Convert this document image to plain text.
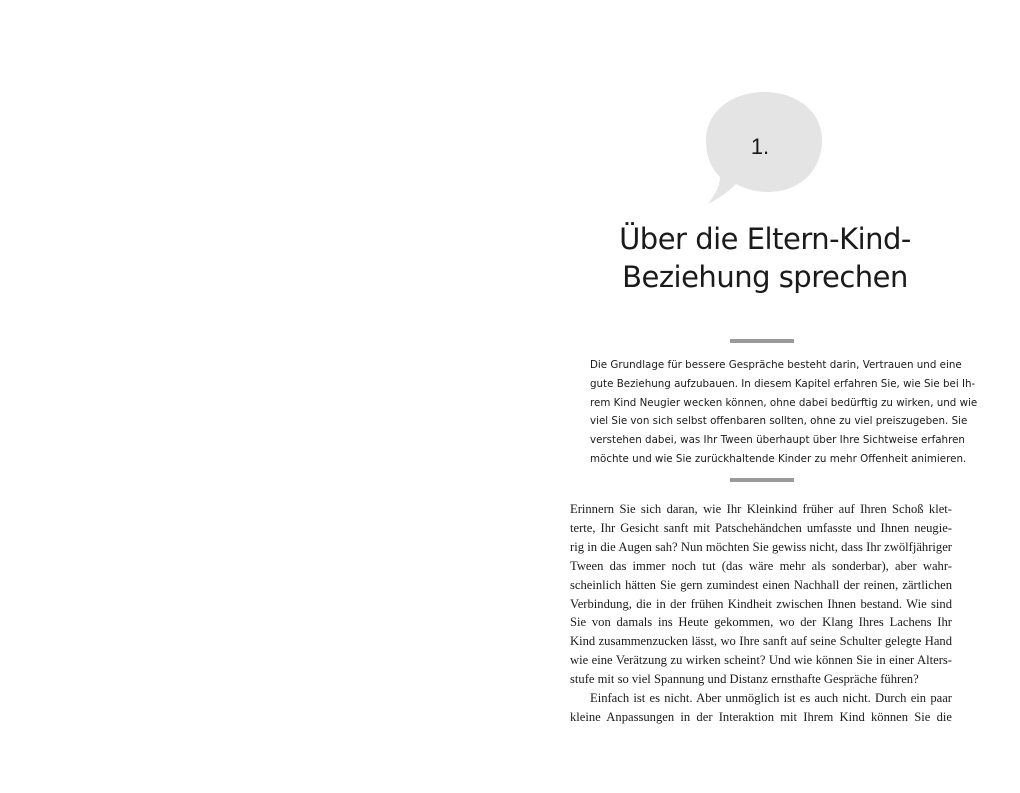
1.
Über die Eltern-Kind-
Beziehung sprechen

Die Grundlage für bessere Gespräche besteht darin, Vertrauen und eine
gute Beziehung aufzubauen. In diesem Kapitel erfahren Sie, wie Sie bei Ih-
rem Kind Neugier wecken können, ohne dabei bedürftig zu wirken, und wie
viel Sie von sich selbst offenbaren sollten, ohne zu viel preiszugeben. Sie
verstehen dabei, was Ihr Tween überhaupt über Ihre Sichtweise erfahren
möchte und wie Sie zurückhaltende Kinder zu mehr Offenheit animieren.

Erinnern Sie sich daran, wie Ihr Kleinkind früher auf Ihren Schoß klet-
terte, Ihr Gesicht sanft mit Patschehändchen umfasste und Ihnen neugie-
rig in die Augen sah? Nun möchten Sie gewiss nicht, dass Ihr zwölfjähriger
Tween das immer noch tut (das wäre mehr als sonderbar), aber wahr-
scheinlich hätten Sie gern zumindest einen Nachhall der reinen, zärtlichen
Verbindung, die in der frühen Kindheit zwischen Ihnen bestand. Wie sind
Sie von damals ins Heute gekommen, wo der Klang Ihres Lachens Ihr
Kind zusammenzucken lässt, wo Ihre sanft auf seine Schulter gelegte Hand
wie eine Verätzung zu wirken scheint? Und wie können Sie in einer Alters-
stufe mit so viel Spannung und Distanz ernsthafte Gespräche führen?
Einfach ist es nicht. Aber unmöglich ist es auch nicht. Durch ein paar
kleine Anpassungen in der Interaktion mit Ihrem Kind können Sie die
